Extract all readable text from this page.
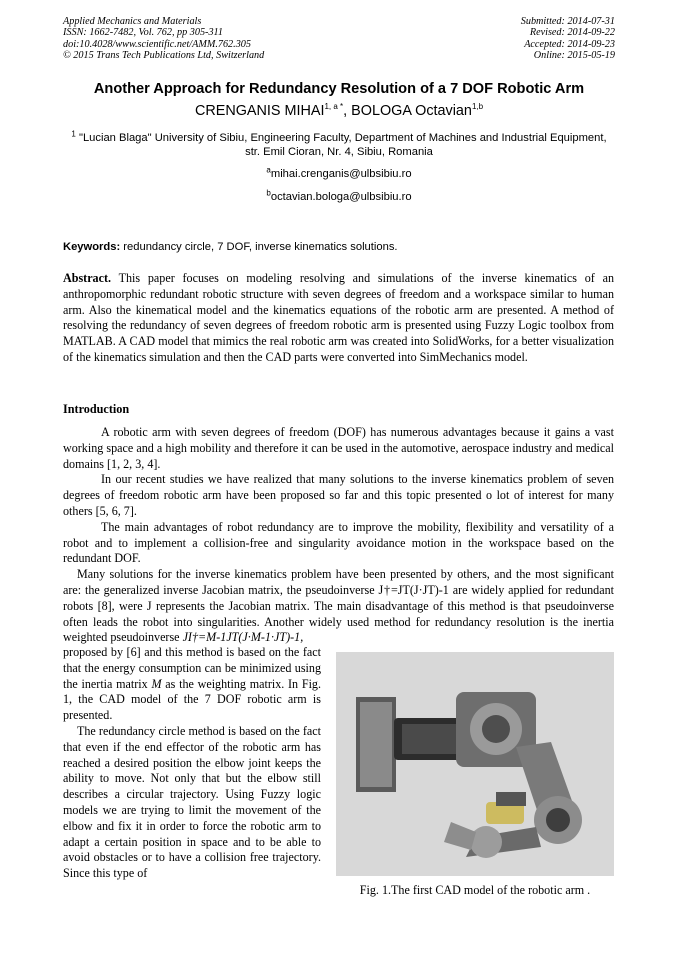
Applied Mechanics and Materials
ISSN: 1662-7482, Vol. 762, pp 305-311
doi:10.4028/www.scientific.net/AMM.762.305
© 2015 Trans Tech Publications Ltd, Switzerland
Submitted: 2014-07-31
Revised: 2014-09-22
Accepted: 2014-09-23
Online: 2015-05-19
Another Approach for Redundancy Resolution of a 7 DOF Robotic Arm
CRENGANIS $MIHAI^{1, a *}$, BOLOGA Octavian$^{1,b}$
$^1$ "Lucian Blaga" University of Sibiu, Engineering Faculty, Department of Machines and Industrial Equipment, str. Emil Cioran, Nr. 4, Sibiu, Romania
$^a$mihai.crenganis@ulbsibiu.ro
$^b$octavian.bologa@ulbsibiu.ro
Keywords: redundancy circle, 7 DOF, inverse kinematics solutions.
Abstract. This paper focuses on modeling resolving and simulations of the inverse kinematics of an anthropomorphic redundant robotic structure with seven degrees of freedom and a workspace similar to human arm. Also the kinematical model and the kinematics equations of the robotic arm are presented. A method of resolving the redundancy of seven degrees of freedom robotic arm is presented using Fuzzy Logic toolbox from MATLAB. A CAD model that mimics the real robotic arm was created into SolidWorks, for a better visualization of the kinematics simulation and then the CAD parts were converted into SimMechanics model.
Introduction

A robotic arm with seven degrees of freedom (DOF) has numerous advantages because it gains a vast working space and a high mobility and therefore it can be used in the automotive, aerospace industry and medical domains [1, 2, 3, 4].

In our recent studies we have realized that many solutions to the inverse kinematics problem of seven degrees of freedom robotic arm have been proposed so far and this topic presented o lot of interest for many others [5, 6, 7].

The main advantages of robot redundancy are to improve the mobility, flexibility and versatility of a robot and to implement a collision-free and singularity avoidance motion in the workspace based on the redundant DOF.

Many solutions for the inverse kinematics problem have been presented by others, and the most significant are: the generalized inverse Jacobian matrix, the pseudoinverse J†=JT(J·JT)-1 are widely applied for redundant robots [8], were J represents the Jacobian matrix. The main disadvantage of this method is that pseudoinverse often leads the robot into singularities. Another widely used method for redundancy resolution is the inertia weighted pseudoinverse JI†=M-1JT(J·M-1·JT)-1,

proposed by [6] and this method is based on the fact that the energy consumption can be minimized using the inertia matrix M as the weighting matrix. In Fig. 1, the CAD model of the 7 DOF robotic arm is presented.

The redundancy circle method is based on the fact that even if the end effector of the robotic arm has reached a desired position the elbow joint keeps the ability to move. Not only that but the elbow still describes a circular trajectory. Using Fuzzy logic models we are trying to limit the movement of the elbow and fix it in order to force the robotic arm to adapt a certain position in space and to be able to avoid obstacles or to have a collision free trajectory. Since this type of

Fig. 1.The first CAD model of the robotic arm .
